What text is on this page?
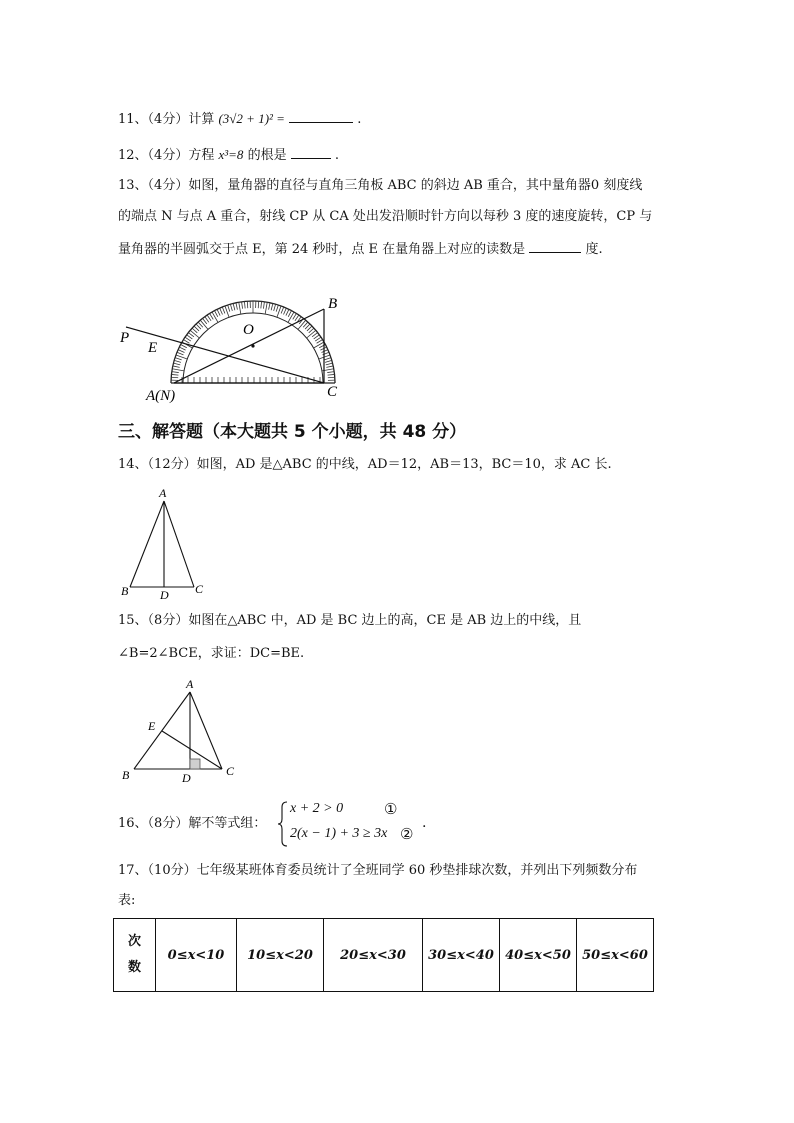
11、（4分）计算 (3√2 + 1)² =	.
12、（4分）方程 x³=8 的根是	.
13、（4分）如图，量角器的直径与直角三角板 ABC 的斜边 AB 重合，其中量角器0 刻度线
的端点 N 与点 A 重合，射线 CP 从 CA 处出发沿顺时针方向以每秒 3 度的速度旋转，CP 与
量角器的半圆弧交于点 E，第 24 秒时，点 E 在量角器上对应的读数是	度.
P
E
O
B
A(N)	C
三、解答题（本大题共 5 个小题，共 48 分）
14、（12分）如图，AD 是△ABC 的中线，AD＝12，AB＝13，BC＝10，求 AC 长.
A
B	D C
15、（8分）如图在△ABC 中，AD 是 BC 边上的高，CE 是 AB 边上的中线，且
∠B=2∠BCE，求证：DC=BE.
A
E
B	D	C
16、（8分）解不等式组：
x + 2 > 0	①
2(x − 1) + 3 ≥ 3x ②
.
17、（10分）七年级某班体育委员统计了全班同学 60 秒垫排球次数，并列出下列频数分布
表:
次
数	0≤x<10	10≤x<20	20≤x<30	30≤x<40	40≤x<50	50≤x<60
